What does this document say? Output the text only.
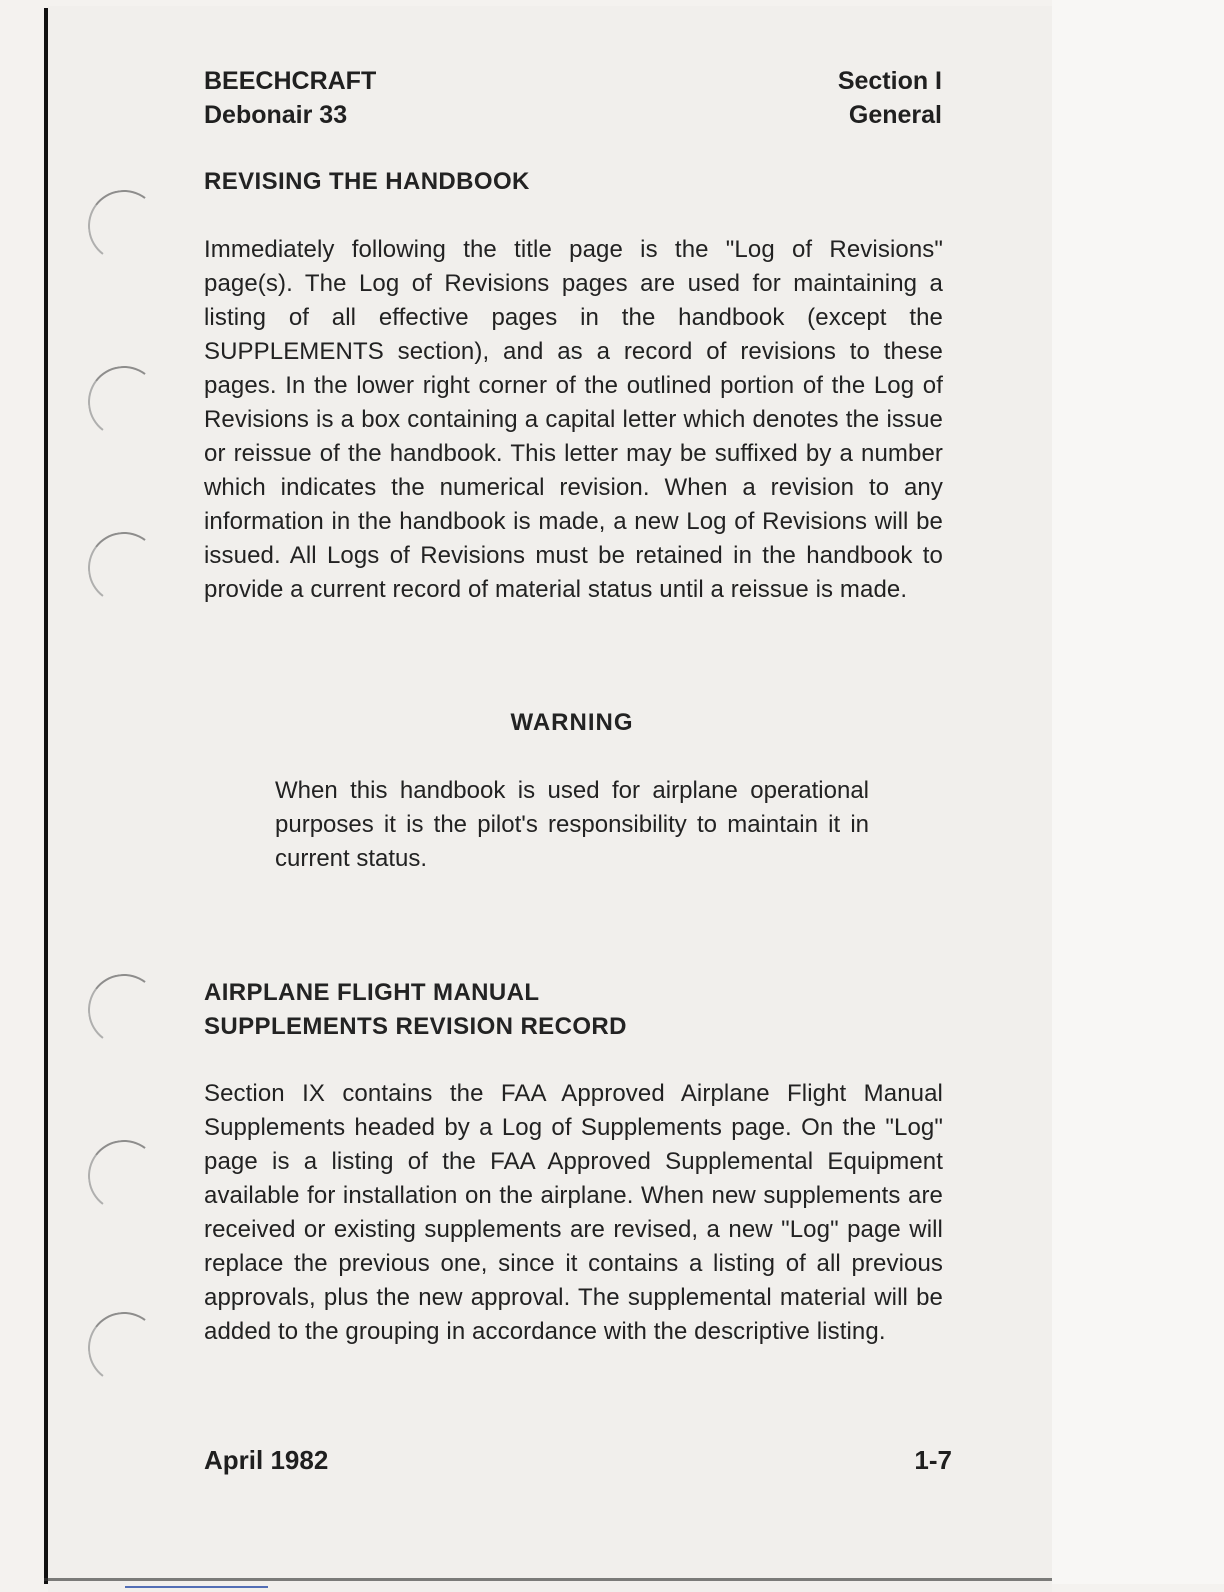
BEECHCRAFT
Debonair 33
Section I
General
REVISING THE HANDBOOK

Immediately following the title page is the "Log of Revisions" page(s). The Log of Revisions pages are used for maintaining a listing of all effective pages in the handbook (except the SUPPLEMENTS section), and as a record of revisions to these pages. In the lower right corner of the outlined portion of the Log of Revisions is a box containing a capital letter which denotes the issue or reissue of the handbook. This letter may be suffixed by a number which indicates the numerical revision. When a revision to any information in the handbook is made, a new Log of Revisions will be issued. All Logs of Revisions must be retained in the handbook to provide a current record of material status until a reissue is made.

WARNING

When this handbook is used for airplane operational purposes it is the pilot's responsibility to maintain it in current status.

AIRPLANE FLIGHT MANUAL
SUPPLEMENTS REVISION RECORD

Section IX contains the FAA Approved Airplane Flight Manual Supplements headed by a Log of Supplements page. On the "Log" page is a listing of the FAA Approved Supplemental Equipment available for installation on the airplane. When new supplements are received or existing supplements are revised, a new "Log" page will replace the previous one, since it contains a listing of all previous approvals, plus the new approval. The supplemental material will be added to the grouping in accordance with the descriptive listing.

April 1982	1-7
